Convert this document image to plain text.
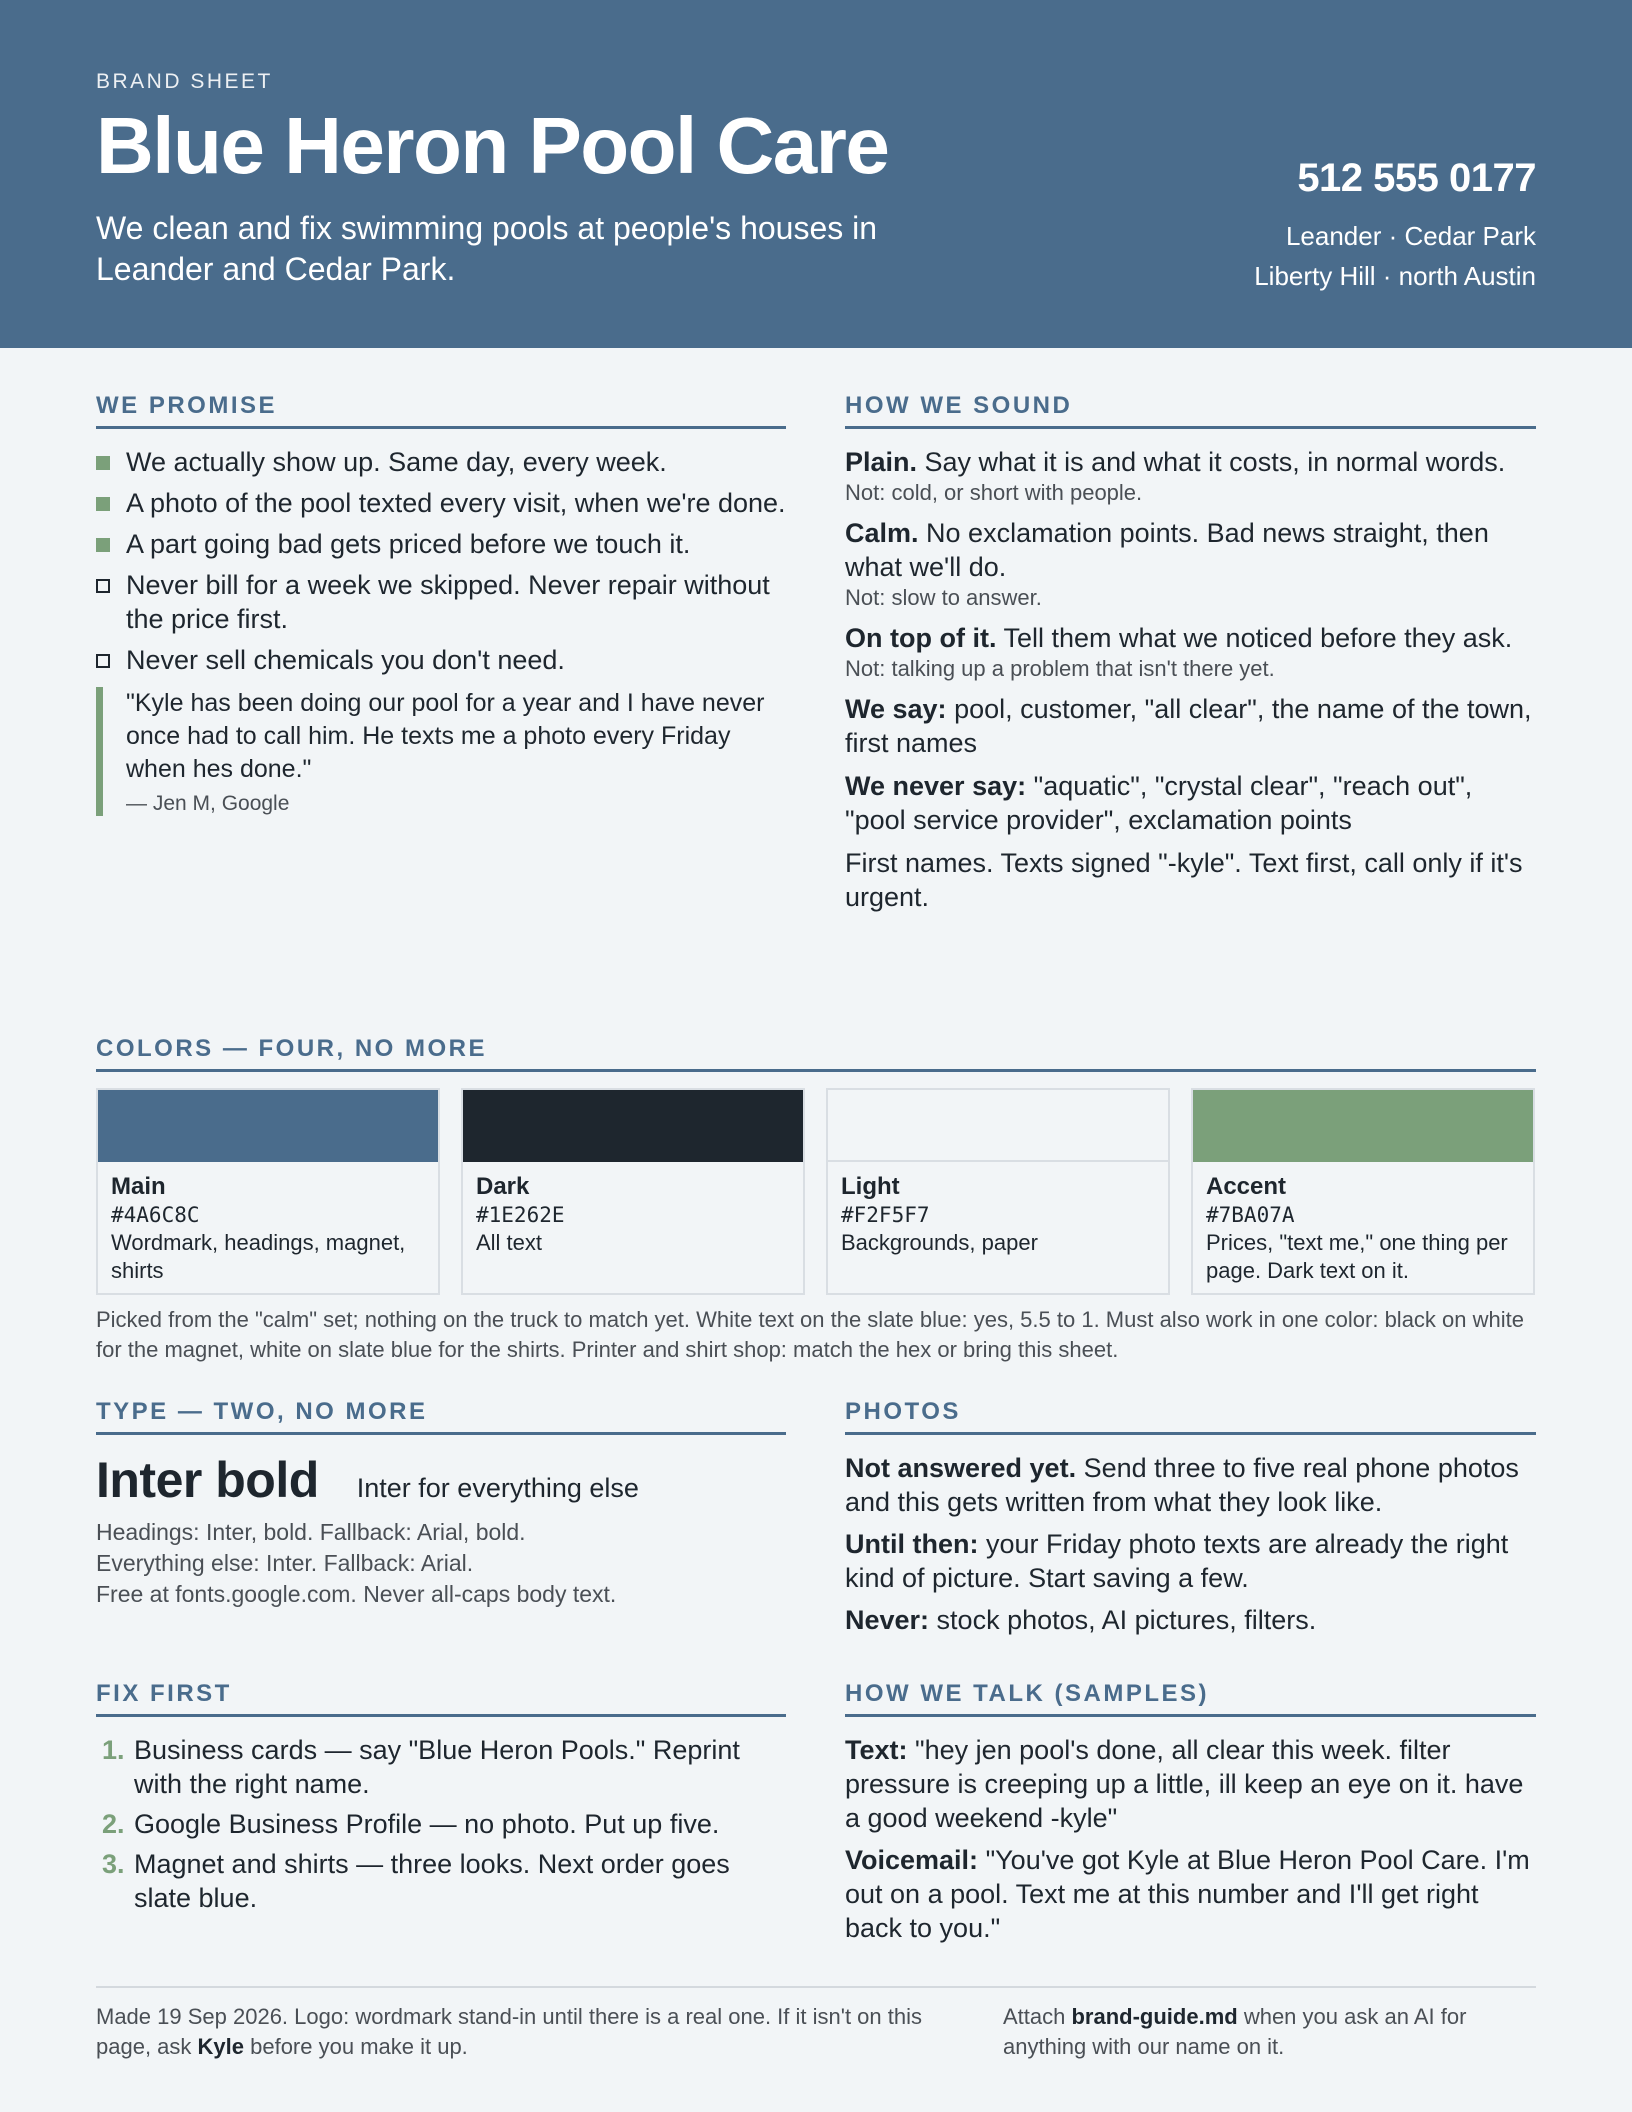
BRAND SHEET
Blue Heron Pool Care
We clean and fix swimming pools at people's houses in Leander and Cedar Park.
512 555 0177
Leander · Cedar Park
Liberty Hill · north Austin
WE PROMISE
We actually show up. Same day, every week.
A photo of the pool texted every visit, when we're done.
A part going bad gets priced before we touch it.
Never bill for a week we skipped. Never repair without the price first.
Never sell chemicals you don't need.
"Kyle has been doing our pool for a year and I have never once had to call him. He texts me a photo every Friday when hes done."
— Jen M, Google
HOW WE SOUND
Plain. Say what it is and what it costs, in normal words.
Not: cold, or short with people.
Calm. No exclamation points. Bad news straight, then what we'll do.
Not: slow to answer.
On top of it. Tell them what we noticed before they ask.
Not: talking up a problem that isn't there yet.
We say: pool, customer, "all clear", the name of the town, first names
We never say: "aquatic", "crystal clear", "reach out", "pool service provider", exclamation points
First names. Texts signed "-kyle". Text first, call only if it's urgent.
COLORS — FOUR, NO MORE
Main
#4A6C8C
Wordmark, headings, magnet, shirts
Dark
#1E262E
All text
Light
#F2F5F7
Backgrounds, paper
Accent
#7BA07A
Prices, "text me," one thing per page. Dark text on it.
Picked from the "calm" set; nothing on the truck to match yet. White text on the slate blue: yes, 5.5 to 1. Must also work in one color: black on white for the magnet, white on slate blue for the shirts. Printer and shirt shop: match the hex or bring this sheet.
TYPE — TWO, NO MORE
Inter bold Inter for everything else
Headings: Inter, bold. Fallback: Arial, bold.
Everything else: Inter. Fallback: Arial.
Free at fonts.google.com. Never all-caps body text.
PHOTOS
Not answered yet. Send three to five real phone photos and this gets written from what they look like.
Until then: your Friday photo texts are already the right kind of picture. Start saving a few.
Never: stock photos, AI pictures, filters.
FIX FIRST
1. Business cards — say "Blue Heron Pools." Reprint with the right name.
2. Google Business Profile — no photo. Put up five.
3. Magnet and shirts — three looks. Next order goes slate blue.
HOW WE TALK (SAMPLES)
Text: "hey jen pool's done, all clear this week. filter pressure is creeping up a little, ill keep an eye on it. have a good weekend -kyle"
Voicemail: "You've got Kyle at Blue Heron Pool Care. I'm out on a pool. Text me at this number and I'll get right back to you."
Made 19 Sep 2026. Logo: wordmark stand-in until there is a real one. If it isn't on this page, ask Kyle before you make it up.
Attach brand-guide.md when you ask an AI for anything with our name on it.
